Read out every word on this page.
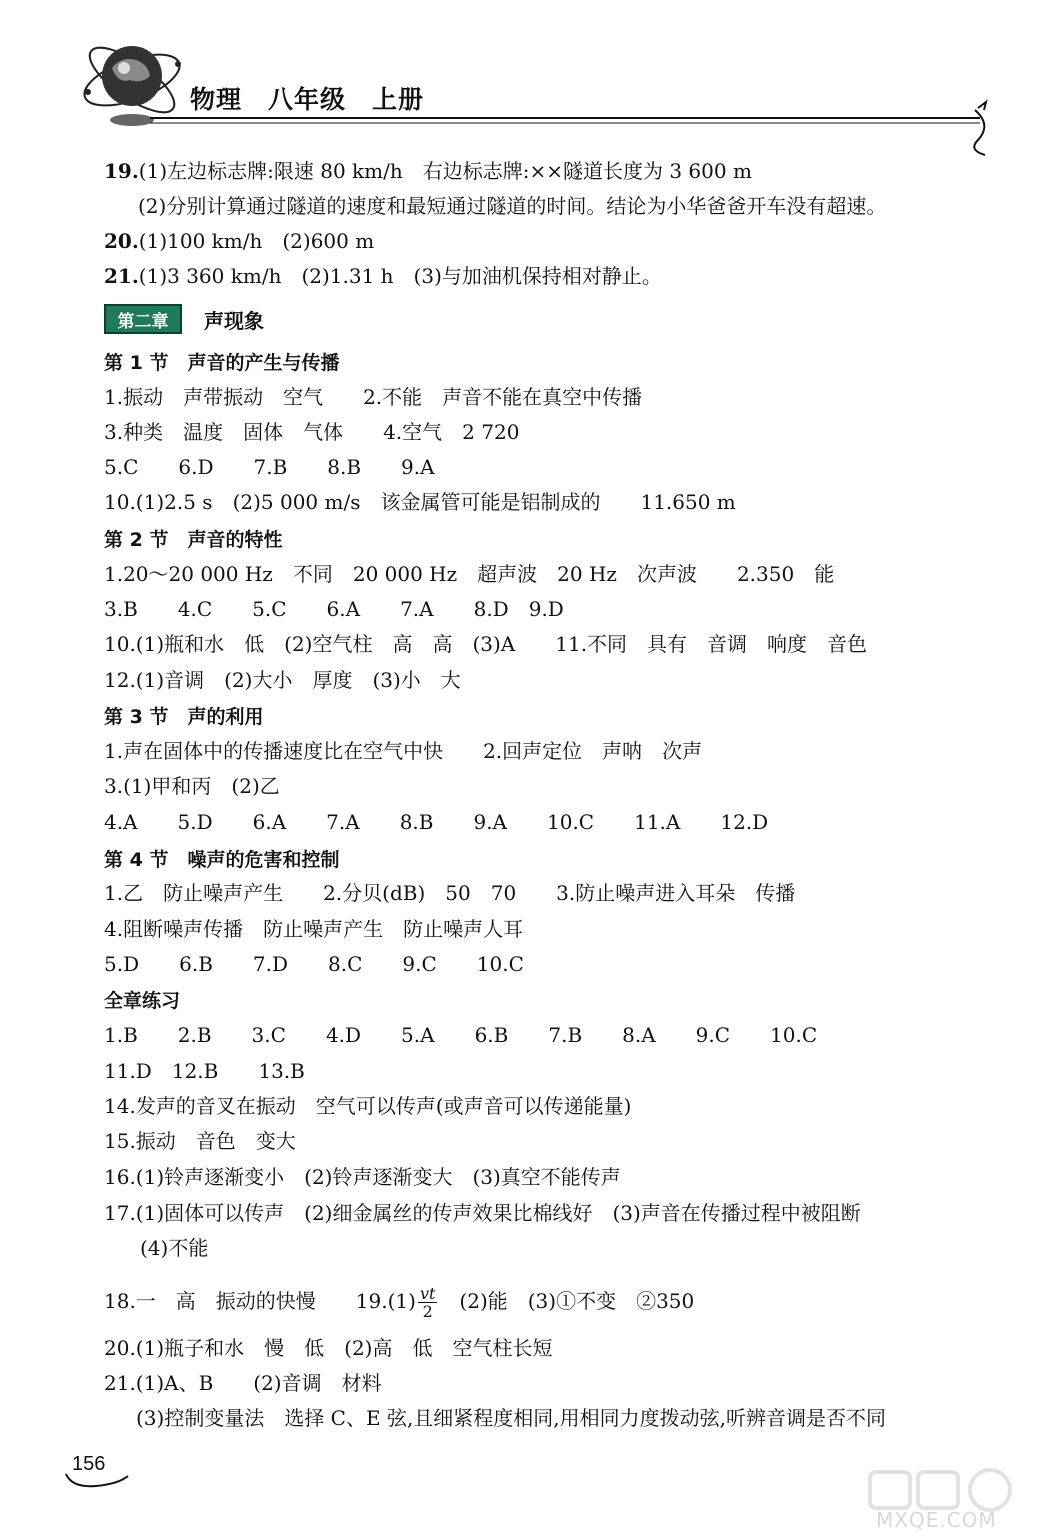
物理　八年级　上册
19.(1)左边标志牌:限速 80 km/h　右边标志牌:××隧道长度为 3 600 m
(2)分别计算通过隧道的速度和最短通过隧道的时间。结论为小华爸爸开车没有超速。
20.(1)100 km/h　(2)600 m
21.(1)3 360 km/h　(2)1.31 h　(3)与加油机保持相对静止。
第二章	声现象
第 1 节　声音的产生与传播
1.振动　声带振动　空气　　2.不能　声音不能在真空中传播
3.种类　温度　固体　气体　　4.空气　2 720
5.C　　6.D　　7.B　　8.B　　9.A
10.(1)2.5 s　(2)5 000 m/s　该金属管可能是铝制成的　　11.650 m
第 2 节　声音的特性
1.20～20 000 Hz　不同　20 000 Hz　超声波　20 Hz　次声波　　2.350　能
3.B　　4.C　　5.C　　6.A　　7.A　　8.D　9.D
10.(1)瓶和水　低　(2)空气柱　高　高　(3)A　　11.不同　具有　音调　响度　音色
12.(1)音调　(2)大小　厚度　(3)小　大
第 3 节　声的利用
1.声在固体中的传播速度比在空气中快　　2.回声定位　声呐　次声
3.(1)甲和丙　(2)乙
4.A　　5.D　　6.A　　7.A　　8.B　　9.A　　10.C　　11.A　　12.D
第 4 节　噪声的危害和控制
1.乙　防止噪声产生　　2.分贝(dB)　50　70　　3.防止噪声进入耳朵　传播
4.阻断噪声传播　防止噪声产生　防止噪声人耳
5.D　　6.B　　7.D　　8.C　　9.C　　10.C
全章练习
1.B　　2.B　　3.C　　4.D　　5.A　　6.B　　7.B　　8.A　　9.C　　10.C
11.D　12.B　　13.B
14.发声的音叉在振动　空气可以传声(或声音可以传递能量)
15.振动　音色　变大
16.(1)铃声逐渐变小　(2)铃声逐渐变大　(3)真空不能传声
17.(1)固体可以传声　(2)细金属丝的传声效果比棉线好　(3)声音在传播过程中被阻断
　(4)不能
18.一　高　振动的快慢　　$19.(1) \frac{vt}{2}$ 　(2)能　(3)①不变　②350
20.(1)瓶子和水　慢　低　(2)高　低　空气柱长短
21.(1)A、B　　(2)音调　材料
　(3)控制变量法　选择 C、E 弦,且细紧程度相同,用相同力度拨动弦,听辨音调是否不同
156
MXQE.COM
